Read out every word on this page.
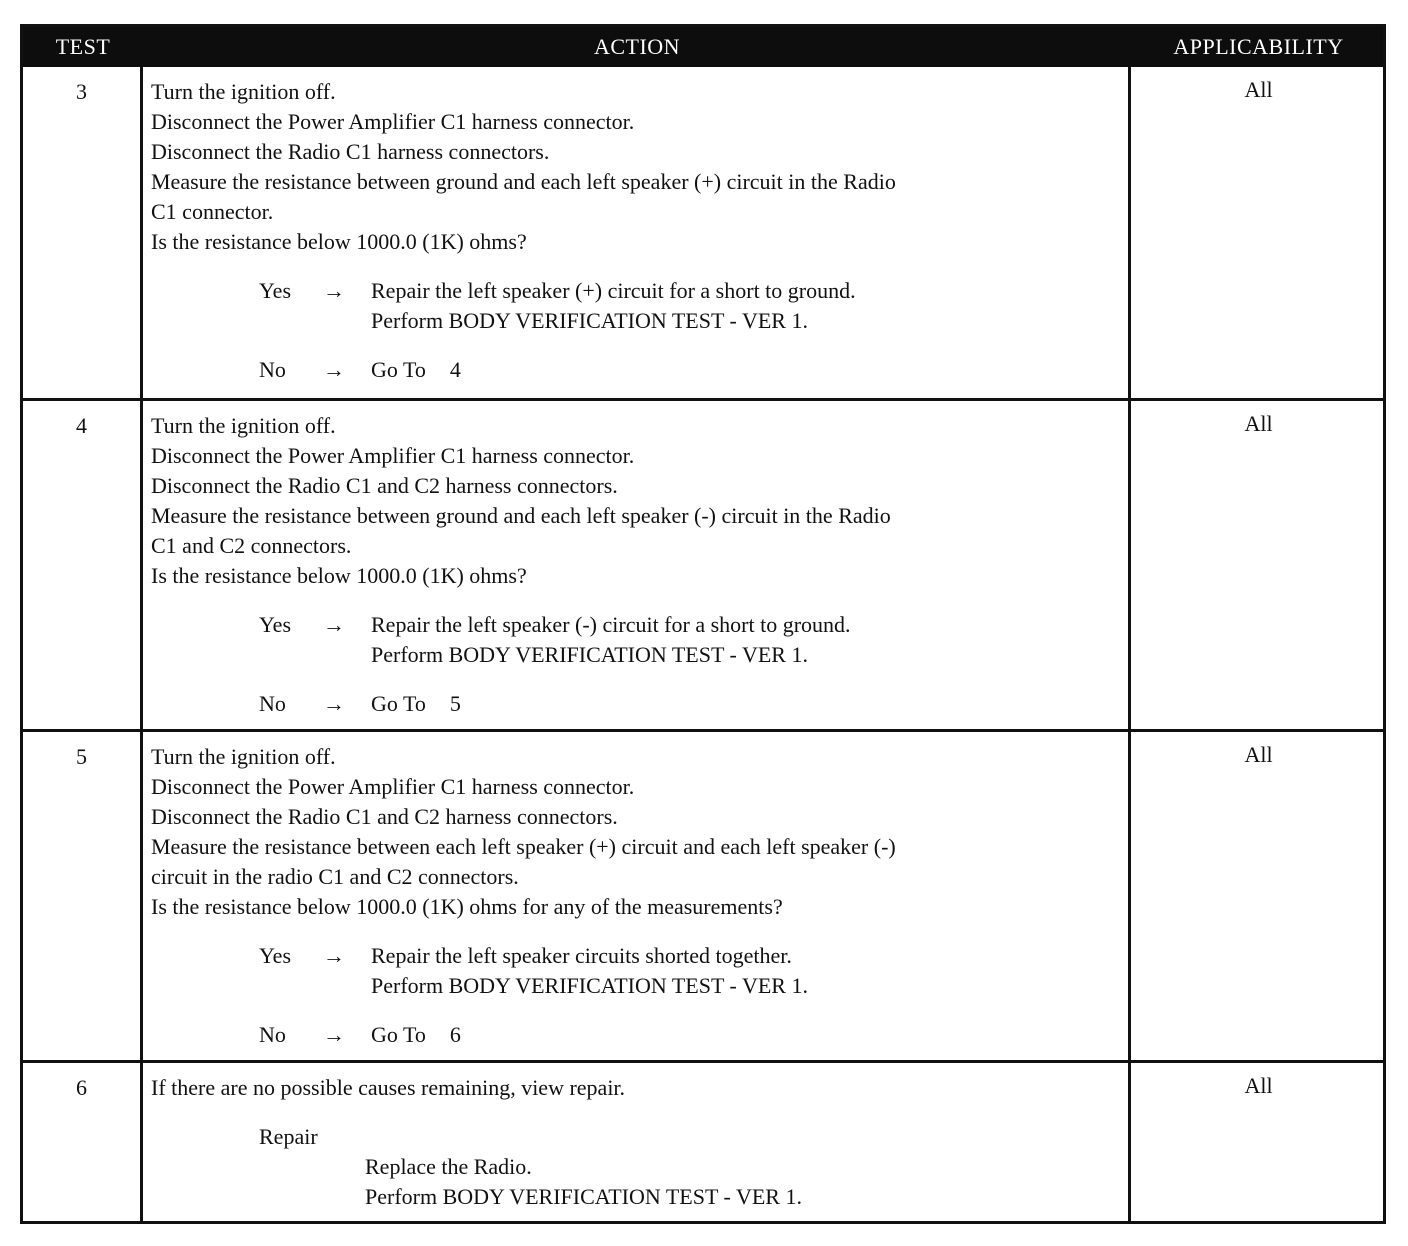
TEST	ACTION	APPLICABILITY
3	Turn the ignition off.
Disconnect the Power Amplifier C1 harness connector.
Disconnect the Radio C1 harness connectors.
Measure the resistance between ground and each left speaker (+) circuit in the Radio
C1 connector.
Is the resistance below 1000.0 (1K) ohms?
Yes → Repair the left speaker (+) circuit for a short to ground.
Perform BODY VERIFICATION TEST - VER 1.
No → Go To 4
All
4	Turn the ignition off.
Disconnect the Power Amplifier C1 harness connector.
Disconnect the Radio C1 and C2 harness connectors.
Measure the resistance between ground and each left speaker (-) circuit in the Radio
C1 and C2 connectors.
Is the resistance below 1000.0 (1K) ohms?
Yes → Repair the left speaker (-) circuit for a short to ground.
Perform BODY VERIFICATION TEST - VER 1.
No → Go To 5
All
5	Turn the ignition off.
Disconnect the Power Amplifier C1 harness connector.
Disconnect the Radio C1 and C2 harness connectors.
Measure the resistance between each left speaker (+) circuit and each left speaker (-)
circuit in the radio C1 and C2 connectors.
Is the resistance below 1000.0 (1K) ohms for any of the measurements?
Yes → Repair the left speaker circuits shorted together.
Perform BODY VERIFICATION TEST - VER 1.
No → Go To 6
All
6	If there are no possible causes remaining, view repair.
Repair
Replace the Radio.
Perform BODY VERIFICATION TEST - VER 1.
All
